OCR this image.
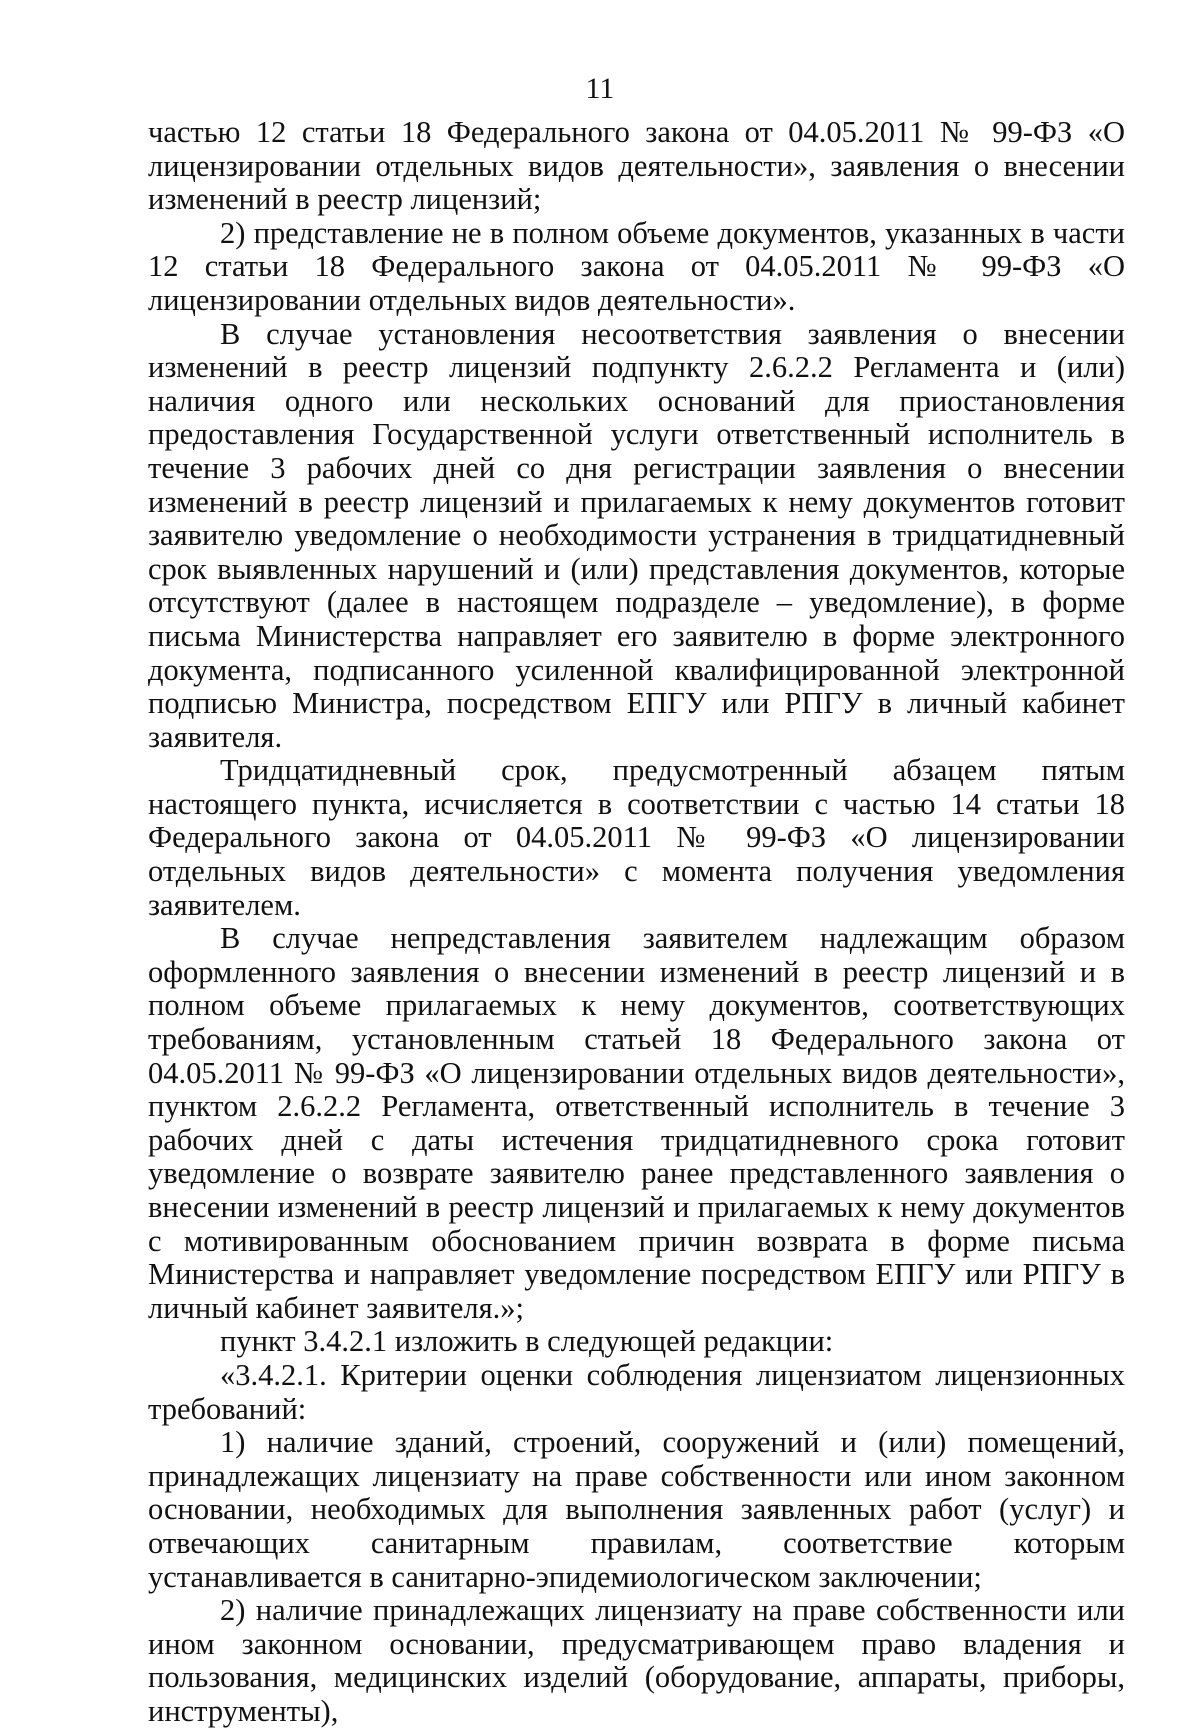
11

частью 12 статьи 18 Федерального закона от 04.05.2011 № 99-ФЗ «О лицензировании отдельных видов деятельности», заявления о внесении изменений в реестр лицензий;

2) представление не в полном объеме документов, указанных в части 12 статьи 18 Федерального закона от 04.05.2011 № 99-ФЗ «О лицензировании отдельных видов деятельности».

В случае установления несоответствия заявления о внесении изменений в реестр лицензий подпункту 2.6.2.2 Регламента и (или) наличия одного или нескольких оснований для приостановления предоставления Государственной услуги ответственный исполнитель в течение 3 рабочих дней со дня регистрации заявления о внесении изменений в реестр лицензий и прилагаемых к нему документов готовит заявителю уведомление о необходимости устранения в тридцатидневный срок выявленных нарушений и (или) представления документов, которые отсутствуют (далее в настоящем подразделе – уведомление), в форме письма Министерства направляет его заявителю в форме электронного документа, подписанного усиленной квалифицированной электронной подписью Министра, посредством ЕПГУ или РПГУ в личный кабинет заявителя.

Тридцатидневный срок, предусмотренный абзацем пятым настоящего пункта, исчисляется в соответствии с частью 14 статьи 18 Федерального закона от 04.05.2011 № 99-ФЗ «О лицензировании отдельных видов деятельности» с момента получения уведомления заявителем.

В случае непредставления заявителем надлежащим образом оформленного заявления о внесении изменений в реестр лицензий и в полном объеме прилагаемых к нему документов, соответствующих требованиям, установленным статьей 18 Федерального закона от 04.05.2011 № 99-ФЗ «О лицензировании отдельных видов деятельности», пунктом 2.6.2.2 Регламента, ответственный исполнитель в течение 3 рабочих дней с даты истечения тридцатидневного срока готовит уведомление о возврате заявителю ранее представленного заявления о внесении изменений в реестр лицензий и прилагаемых к нему документов с мотивированным обоснованием причин возврата в форме письма Министерства и направляет уведомление посредством ЕПГУ или РПГУ в личный кабинет заявителя.»;

пункт 3.4.2.1 изложить в следующей редакции:

«3.4.2.1. Критерии оценки соблюдения лицензиатом лицензионных требований:

1) наличие зданий, строений, сооружений и (или) помещений, принадлежащих лицензиату на праве собственности или ином законном основании, необходимых для выполнения заявленных работ (услуг) и отвечающих санитарным правилам, соответствие которым устанавливается в санитарно-эпидемиологическом заключении;

2) наличие принадлежащих лицензиату на праве собственности или ином законном основании, предусматривающем право владения и пользования, медицинских изделий (оборудование, аппараты, приборы, инструменты),
